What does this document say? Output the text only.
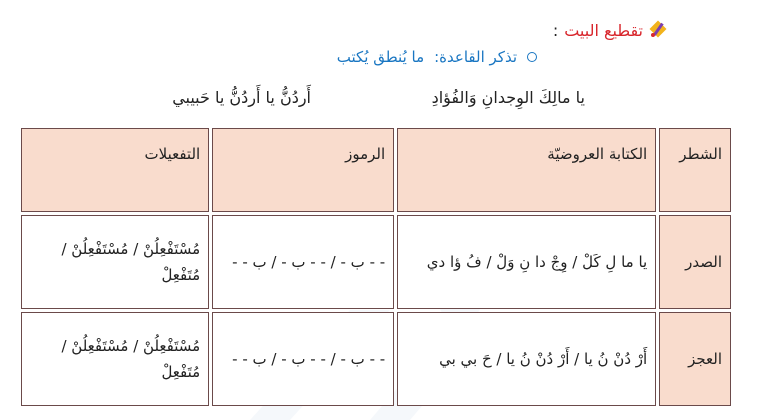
تقطيع البيت
:
تذكر القاعدة:
ما يُنطق يُكتب
يا مالِكَ الوِجدانِ وَالفُؤادِ
أَردُنُّ يا أَردُنُّ يا حَبيبي
الشطر	الكتابة العروضيّة	الرموز	التفعيلات
الصدر	يا ما لِ كَلْ / وِجْ دا نِ وَلْ / فُ ؤا دي	- - ب - / - - ب - / ب - -	مُسْتَفْعِلُنْ / مُسْتَفْعِلُنْ /
مُتَفْعِلْ

العجز	أَرْ دُنْ نُ يا / أَرْ دُنْ نُ يا / حَ بي بي	- - ب - / - - ب - / ب - -	مُسْتَفْعِلُنْ / مُسْتَفْعِلُنْ /
مُتَفْعِلْ
